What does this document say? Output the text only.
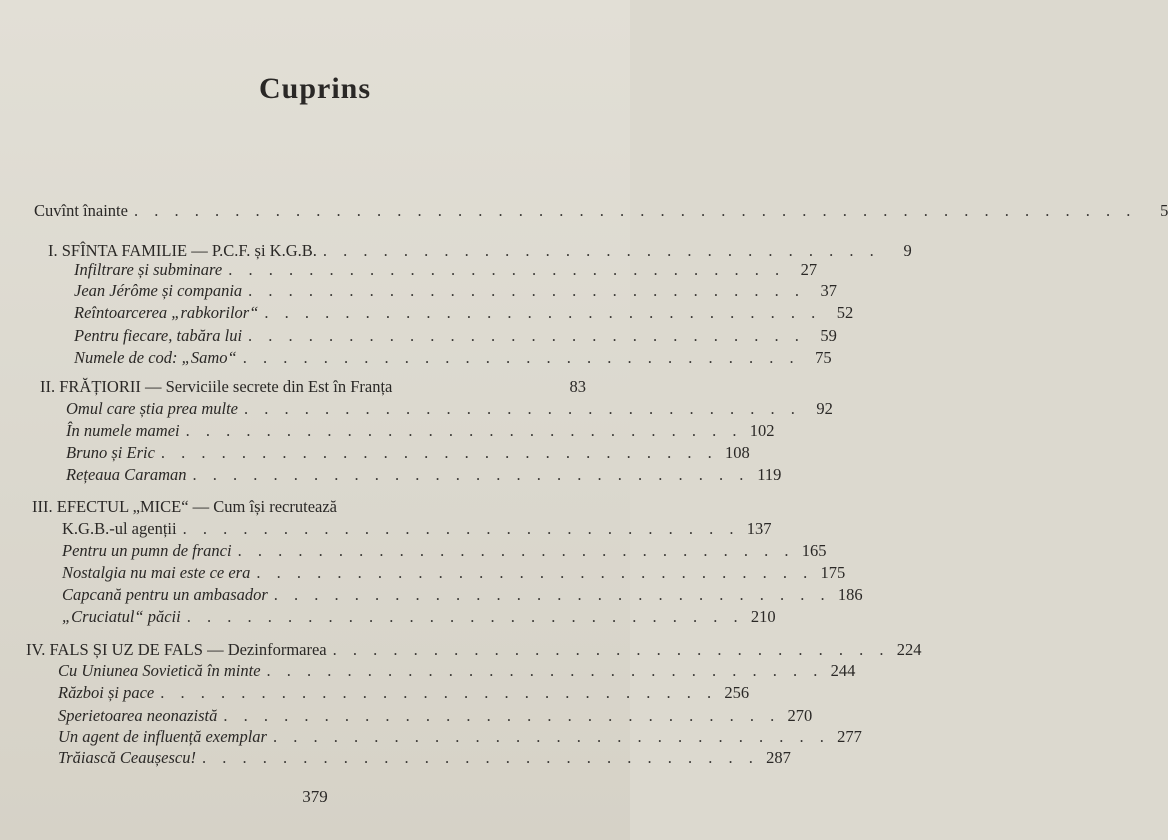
Cuprins
Cuvînt înainte . . . . . . . . . . . . . . . . . . . . . . . . . . . . . . . . . . . . . . . . . . . . . . . . . .	5
I. SFÎNTA FAMILIE — P.C.F. și K.G.B. . . . . . . . . . . . . . . . . . . . . . . . . . . . .	9
Infiltrare și subminare . . . . . . . . . . . . . . . . . . . . . . . . . . . . 27
Jean Jérôme și compania . . . . . . . . . . . . . . . . . . . . . . . . . . . . 37
Reîntoarcerea „rabkorilor“ . . . . . . . . . . . . . . . . . . . . . . . . . . . . 52
Pentru fiecare, tabăra lui . . . . . . . . . . . . . . . . . . . . . . . . . . . . 59
Numele de cod: „Samo“ . . . . . . . . . . . . . . . . . . . . . . . . . . . . 75
II. FRĂȚIORII — Serviciile secrete din Est în Franța	83
Omul care știa prea multe . . . . . . . . . . . . . . . . . . . . . . . . . . . . 92
În numele mamei . . . . . . . . . . . . . . . . . . . . . . . . . . . . 102
Bruno și Eric . . . . . . . . . . . . . . . . . . . . . . . . . . . . 108
Rețeaua Caraman . . . . . . . . . . . . . . . . . . . . . . . . . . . . 119
III. EFECTUL „MICE“ — Cum își recrutează
K.G.B.-ul agenții . . . . . . . . . . . . . . . . . . . . . . . . . . . . 137
Pentru un pumn de franci . . . . . . . . . . . . . . . . . . . . . . . . . . . . 165
Nostalgia nu mai este ce era . . . . . . . . . . . . . . . . . . . . . . . . . . . . 175
Capcană pentru un ambasador . . . . . . . . . . . . . . . . . . . . . . . . . . . . 186
„Cruciatul“ păcii . . . . . . . . . . . . . . . . . . . . . . . . . . . . 210
IV. FALS ȘI UZ DE FALS — Dezinformarea . . . . . . . . . . . . . . . . . . . . . . . . . . . . 224
Cu Uniunea Sovietică în minte . . . . . . . . . . . . . . . . . . . . . . . . . . . . 244
Război și pace . . . . . . . . . . . . . . . . . . . . . . . . . . . . 256
Sperietoarea neonazistă . . . . . . . . . . . . . . . . . . . . . . . . . . . . 270
Un agent de influență exemplar . . . . . . . . . . . . . . . . . . . . . . . . . . . . 277
Trăiască Ceaușescu! . . . . . . . . . . . . . . . . . . . . . . . . . . . . 287
379
